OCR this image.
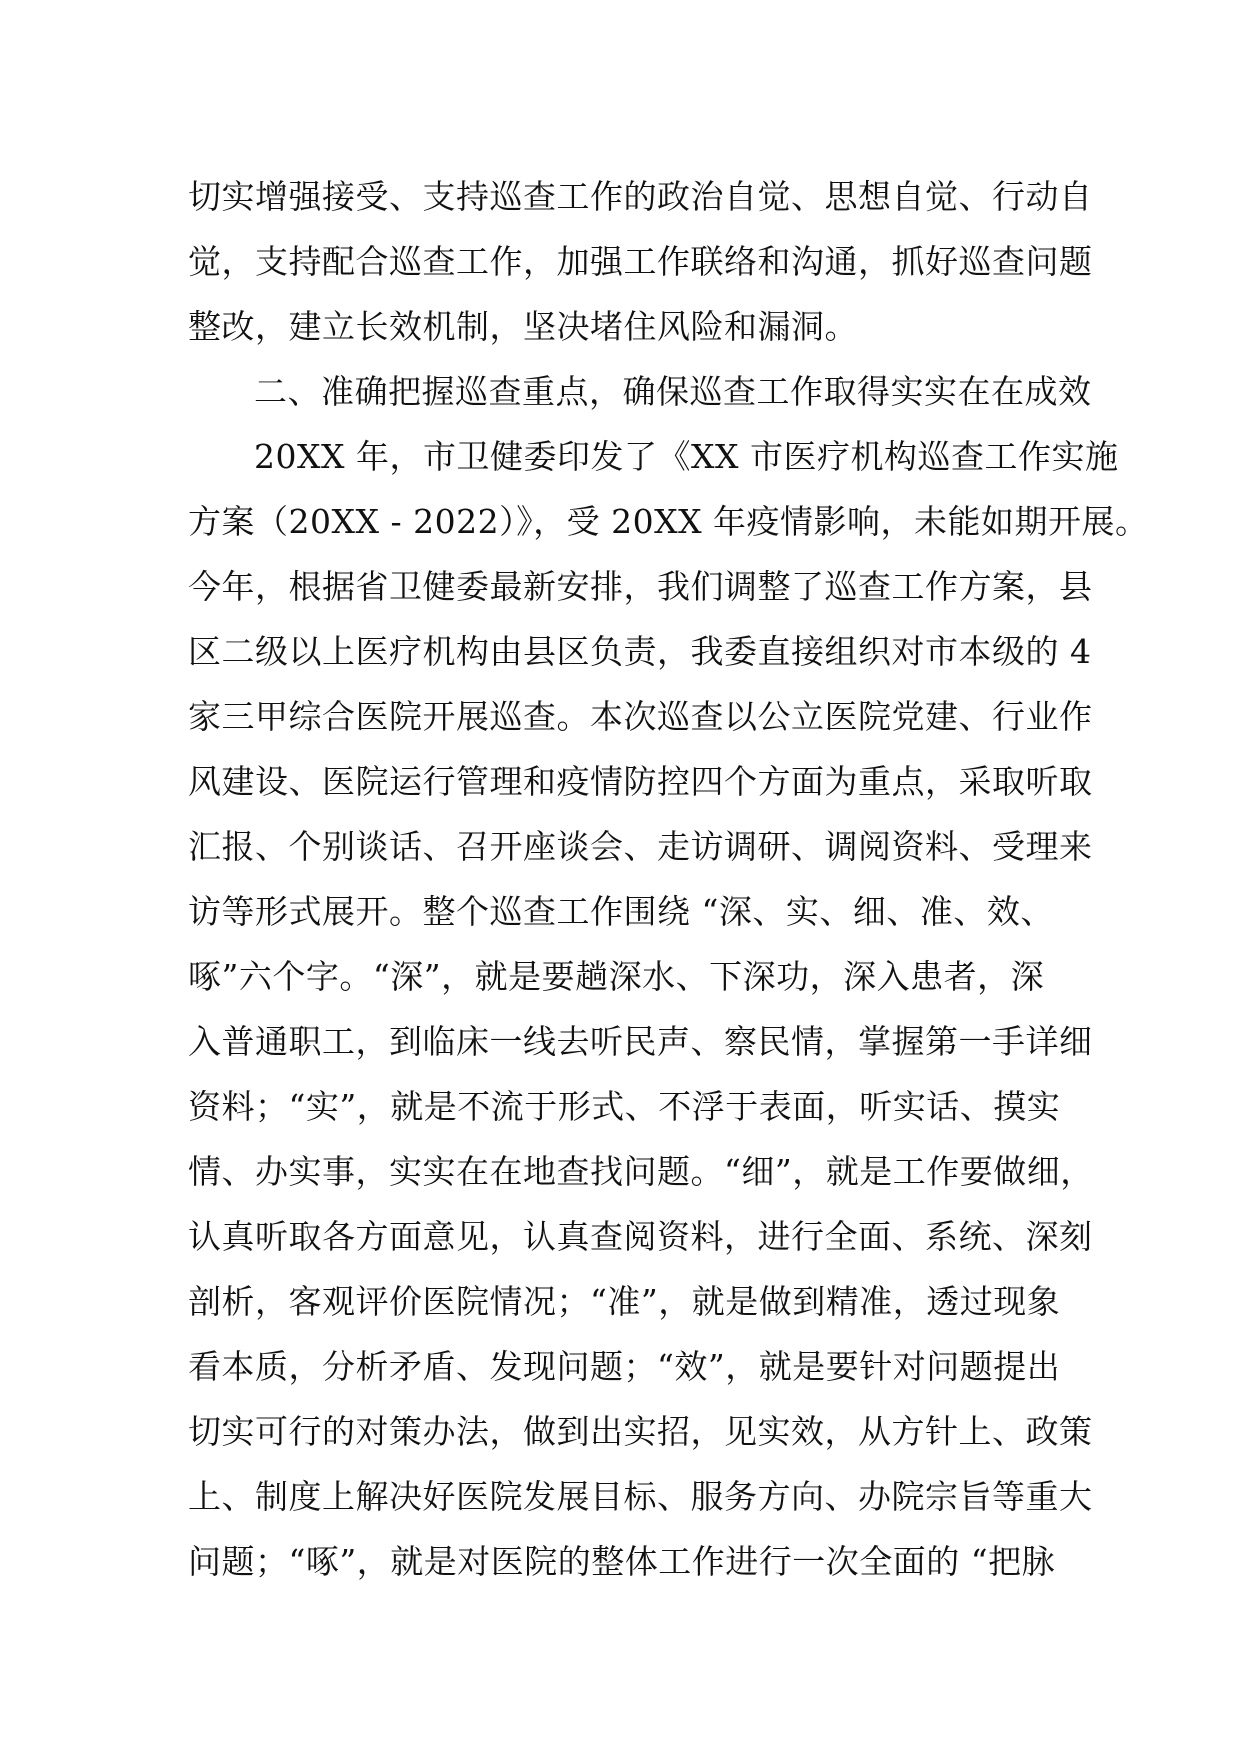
切实增强接受、支持巡查工作的政治自觉、思想自觉、行动自
觉，支持配合巡查工作，加强工作联络和沟通，抓好巡查问题
整改，建立长效机制，坚决堵住风险和漏洞。
二、准确把握巡查重点，确保巡查工作取得实实在在成效
20XX 年，市卫健委印发了《XX 市医疗机构巡查工作实施
方案（20XX - 2022）》，受 20XX 年疫情影响，未能如期开展。
今年，根据省卫健委最新安排，我们调整了巡查工作方案，县
区二级以上医疗机构由县区负责，我委直接组织对市本级的 4
家三甲综合医院开展巡查。本次巡查以公立医院党建、行业作
风建设、医院运行管理和疫情防控四个方面为重点，采取听取
汇报、个别谈话、召开座谈会、走访调研、调阅资料、受理来
访等形式展开。整个巡查工作围绕 “深、实、细、准、效、
啄”六个字。“深”，就是要趟深水、下深功，深入患者，深
入普通职工，到临床一线去听民声、察民情，掌握第一手详细
资料；“实”，就是不流于形式、不浮于表面，听实话、摸实
情、办实事，实实在在地查找问题。“细”，就是工作要做细，
认真听取各方面意见，认真查阅资料，进行全面、系统、深刻
剖析，客观评价医院情况；“准”，就是做到精准，透过现象
看本质，分析矛盾、发现问题；“效”，就是要针对问题提出
切实可行的对策办法，做到出实招，见实效，从方针上、政策
上、制度上解决好医院发展目标、服务方向、办院宗旨等重大
问题；“啄”，就是对医院的整体工作进行一次全面的 “把脉
